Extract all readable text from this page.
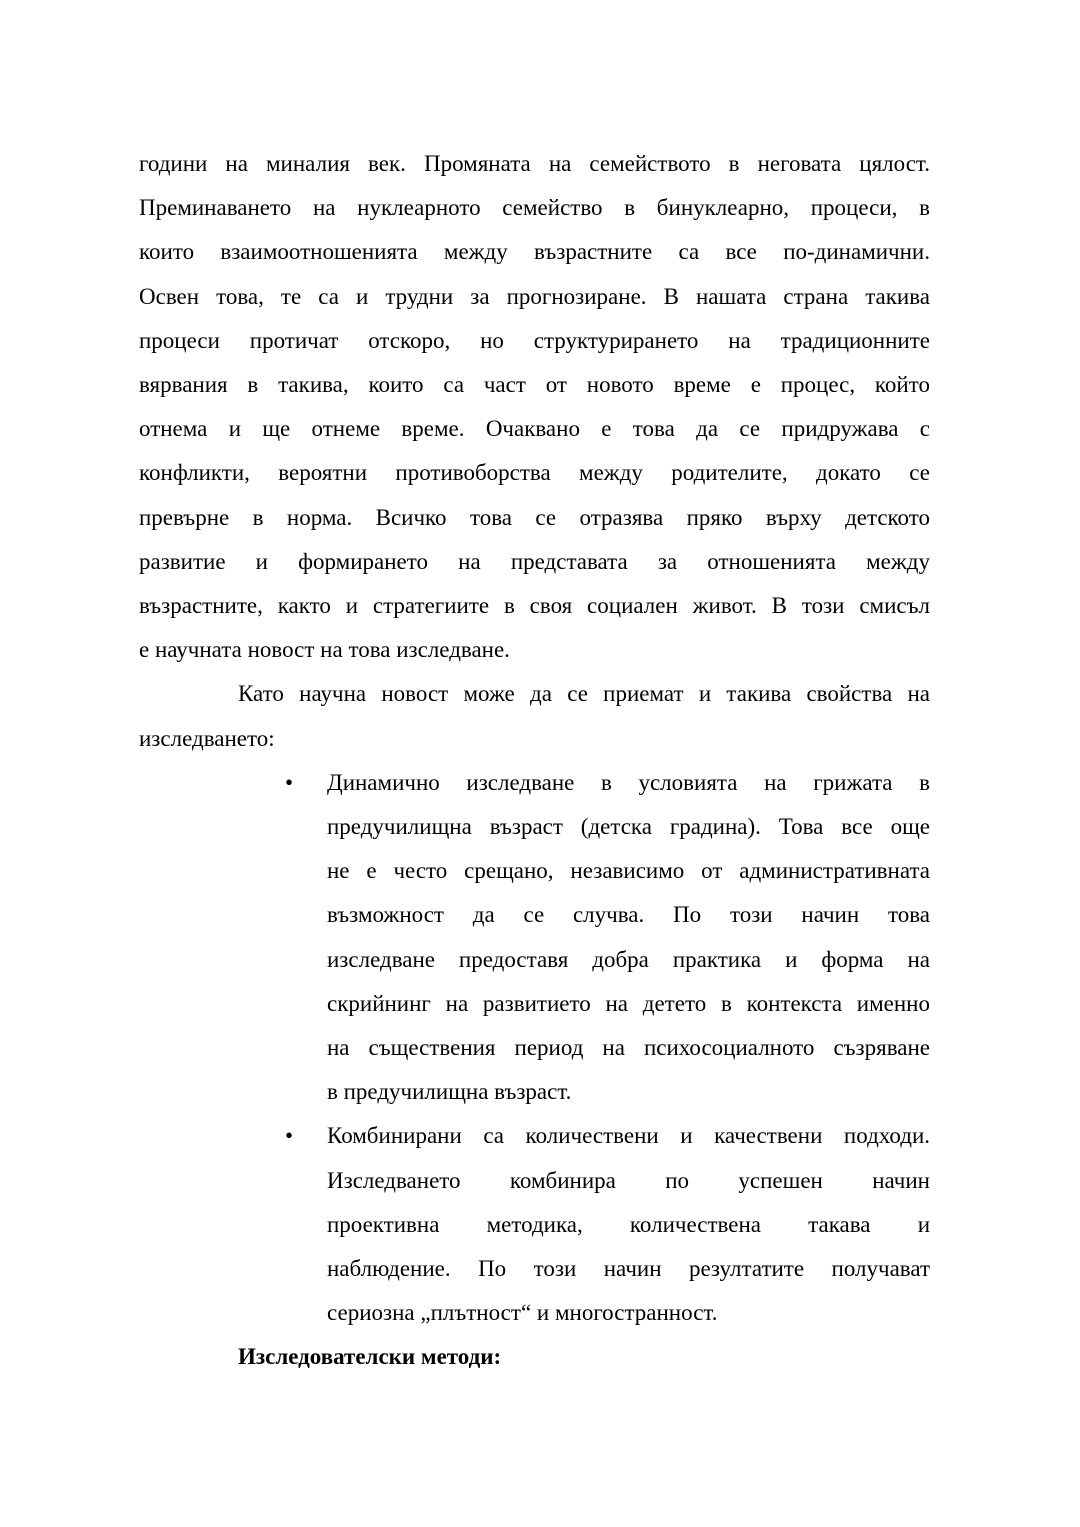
години на миналия век. Промяната на семейството в неговата цялост.
Преминаването на нуклеарното семейство в бинуклеарно, процеси, в
които взаимоотношенията между възрастните са все по-динамични.
Освен това, те са и трудни за прогнозиране. В нашата страна такива
процеси протичат отскоро, но структурирането на традиционните
вярвания в такива, които са част от новото време е процес, който
отнема и ще отнеме време. Очаквано е това да се придружава с
конфликти, вероятни противоборства между родителите, докато се
превърне в норма. Всичко това се отразява пряко върху детското
развитие и формирането на представата за отношенията между
възрастните, както и стратегиите в своя социален живот. В този смисъл
е научната новост на това изследване.
Като научна новост може да се приемат и такива свойства на
изследването:
•	Динамично изследване в условията на грижата в
предучилищна възраст (детска градина). Това все още
не е често срещано, независимо от административната
възможност да се случва. По този начин това
изследване предоставя добра практика и форма на
скрийнинг на развитието на детето в контекста именно
на съществения период на психосоциалното съзряване
в предучилищна възраст.
•	Комбинирани са количествени и качествени подходи.
Изследването комбинира по успешен начин
проективна методика, количествена такава и
наблюдение. По този начин резултатите получават
сериозна „плътност“ и многостранност.
Изследователски методи:
